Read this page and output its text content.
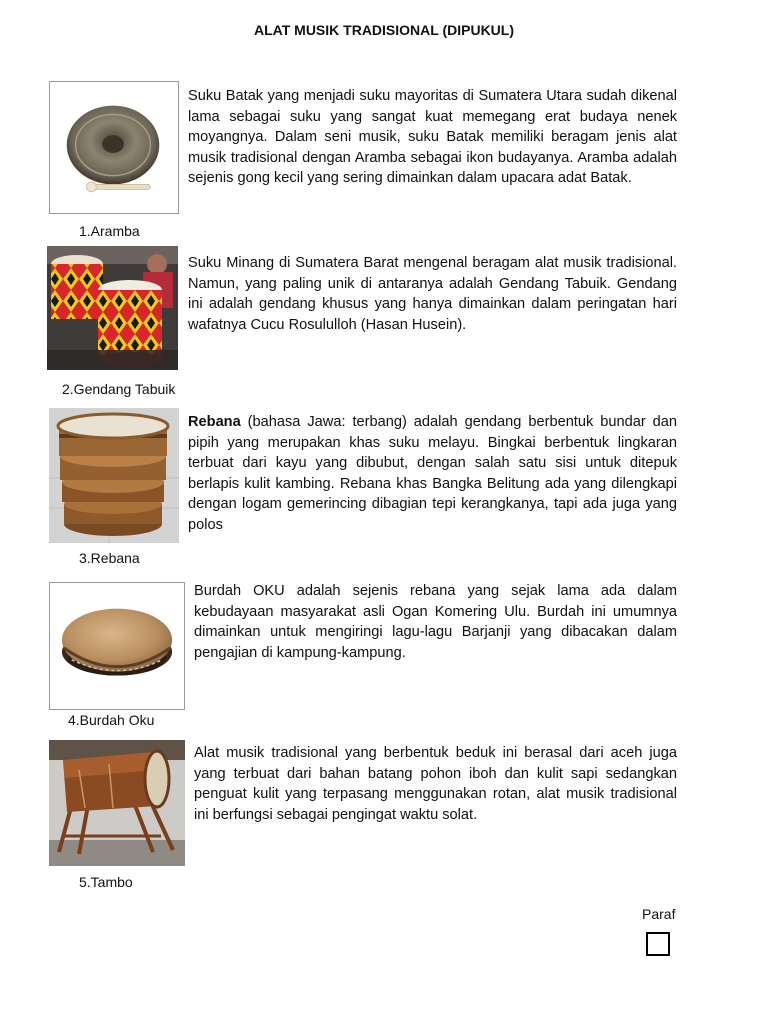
ALAT MUSIK TRADISIONAL (DIPUKUL)
1.Aramba

Suku Batak yang menjadi suku mayoritas di Sumatera Utara sudah dikenal lama sebagai suku yang sangat kuat memegang erat budaya nenek moyangnya. Dalam seni musik, suku Batak memiliki beragam jenis alat musik tradisional dengan Aramba sebagai ikon budayanya. Aramba adalah sejenis gong kecil yang sering dimainkan dalam upacara adat Batak.

2.Gendang Tabuik

Suku Minang di Sumatera Barat mengenal beragam alat musik tradisional. Namun, yang paling unik di antaranya adalah Gendang Tabuik. Gendang ini adalah gendang khusus yang hanya dimainkan dalam peringatan hari wafatnya Cucu Rosululloh (Hasan Husein).

3.Rebana

Rebana (bahasa Jawa: terbang) adalah gendang berbentuk bundar dan pipih yang merupakan khas suku melayu. Bingkai berbentuk lingkaran terbuat dari kayu yang dibubut, dengan salah satu sisi untuk ditepuk berlapis kulit kambing. Rebana khas Bangka Belitung ada yang dilengkapi dengan logam gemerincing dibagian tepi kerangkanya, tapi ada juga yang polos

4.Burdah Oku

Burdah OKU adalah sejenis rebana yang sejak lama ada dalam kebudayaan masyarakat asli Ogan Komering Ulu. Burdah ini umumnya dimainkan untuk mengiringi lagu-lagu Barjanji yang dibacakan dalam pengajian di kampung-kampung.

5.Tambo

Alat musik tradisional yang berbentuk beduk ini berasal dari aceh juga yang terbuat dari bahan batang pohon iboh dan kulit sapi sedangkan penguat kulit yang terpasang menggunakan rotan, alat musik tradisional ini berfungsi sebagai pengingat waktu solat.

Paraf
